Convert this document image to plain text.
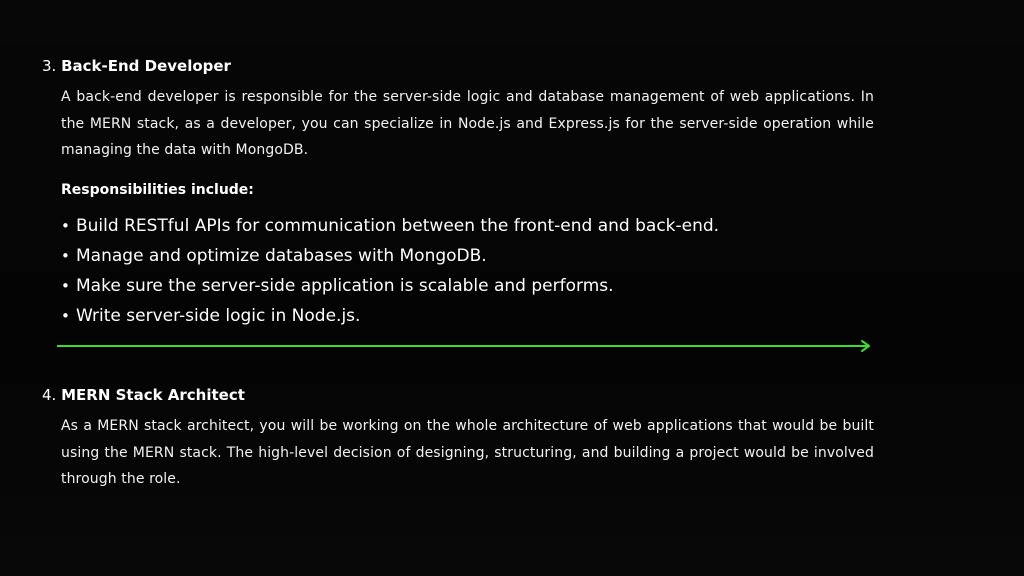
3. Back-End Developer

A back-end developer is responsible for the server-side logic and database management of web applications. In the MERN stack, as a developer, you can specialize in Node.js and Express.js for the server-side operation while managing the data with MongoDB.

Responsibilities include:

• Build RESTful APIs for communication between the front-end and back-end.
• Manage and optimize databases with MongoDB.
• Make sure the server-side application is scalable and performs.
• Write server-side logic in Node.js.

4. MERN Stack Architect

As a MERN stack architect, you will be working on the whole architecture of web applications that would be built using the MERN stack. The high-level decision of designing, structuring, and building a project would be involved through the role.
